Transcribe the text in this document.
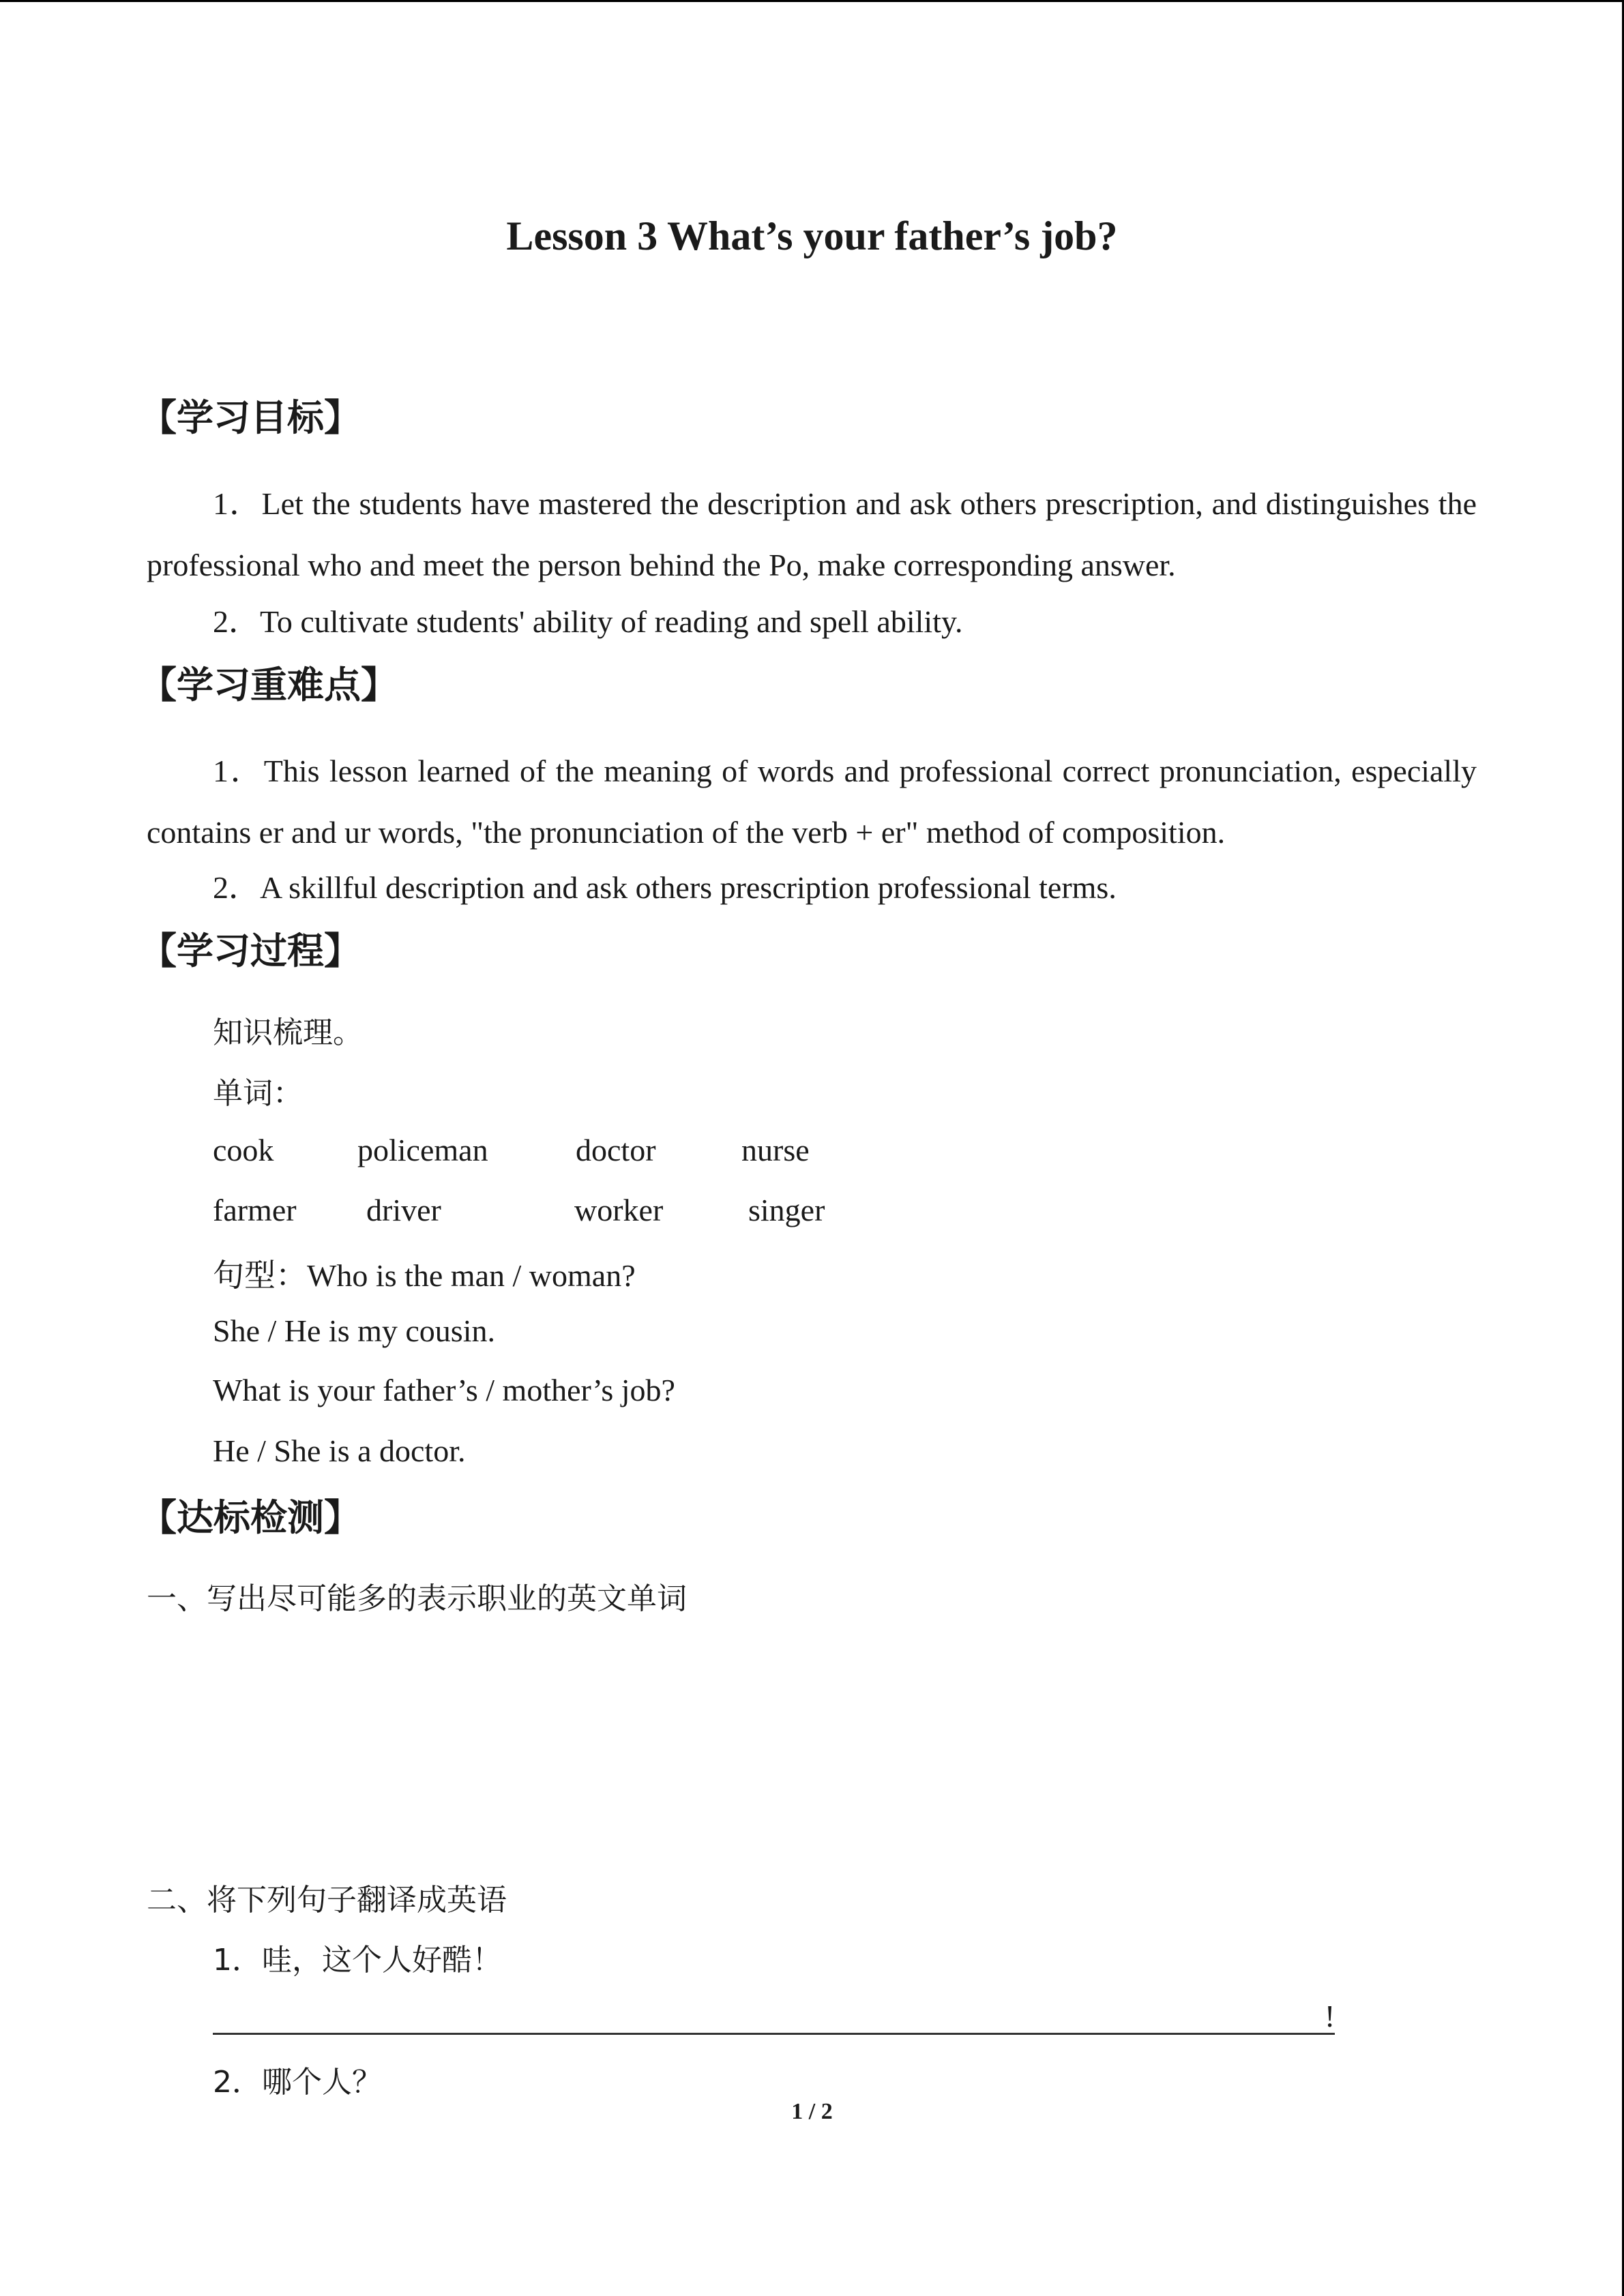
Lesson 3 What’s your father’s job?
【学习目标】
1．Let the students have mastered the description and ask others prescription, and distinguishes the professional who and meet the person behind the Po, make corresponding answer.
2．To cultivate students' ability of reading and spell ability.
【学习重难点】
1．This lesson learned of the meaning of words and professional correct pronunciation, especially contains er and ur words, "the pronunciation of the verb + er" method of composition.
2．A skillful description and ask others prescription professional terms.
【学习过程】
知识梳理。
单词：
cook	policeman	doctor	nurse
farmer driver	worker	singer
句型：Who is the man / woman?
She / He is my cousin.
What is your father’s / mother’s job?
He / She is a doctor.
【达标检测】
一、写出尽可能多的表示职业的英文单词
二、将下列句子翻译成英语
1．哇，这个人好酷！
!
2．哪个人？
1 / 2
